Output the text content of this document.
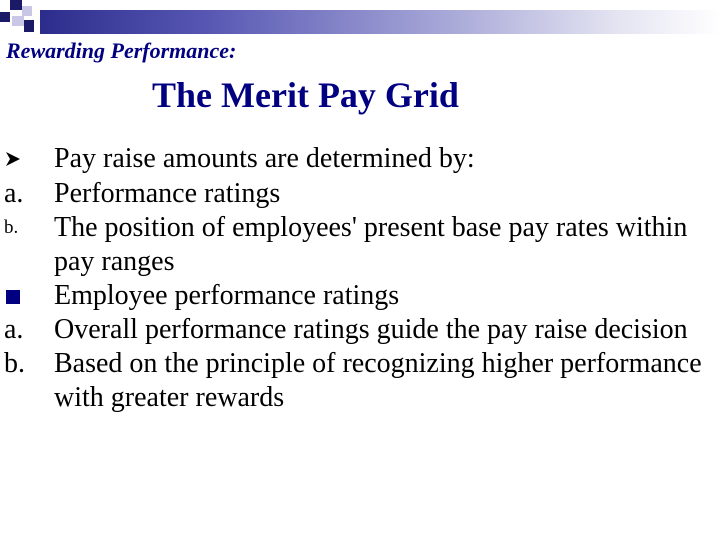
Rewarding Performance:
The Merit Pay Grid
Pay raise amounts are determined by:
a.	Performance ratings
b.	The position of employees' present base pay rates within pay ranges
Employee performance ratings
a.	Overall performance ratings guide the pay raise decision
b.	Based on the principle of recognizing higher performance with greater rewards
